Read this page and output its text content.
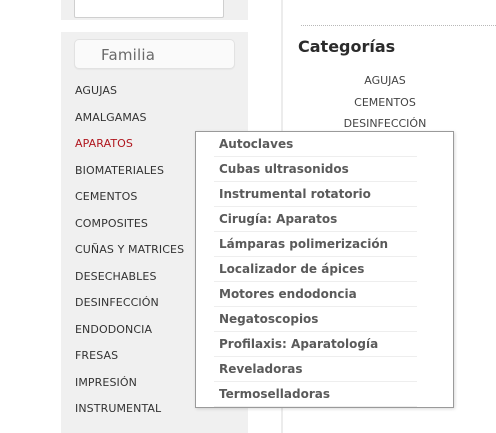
Familia
AGUJAS
AMALGAMAS
APARATOS
BIOMATERIALES
CEMENTOS
COMPOSITES
CUÑAS Y MATRICES
DESECHABLES
DESINFECCIÓN
ENDODONCIA
FRESAS
IMPRESIÓN
INSTRUMENTAL
Categorías
AGUJAS
CEMENTOS
DESINFECCIÓN
Autoclaves
Cubas ultrasonidos
Instrumental rotatorio
Cirugía: Aparatos
Lámparas polimerización
Localizador de ápices
Motores endodoncia
Negatoscopios
Profilaxis: Aparatología
Reveladoras
Termoselladoras
